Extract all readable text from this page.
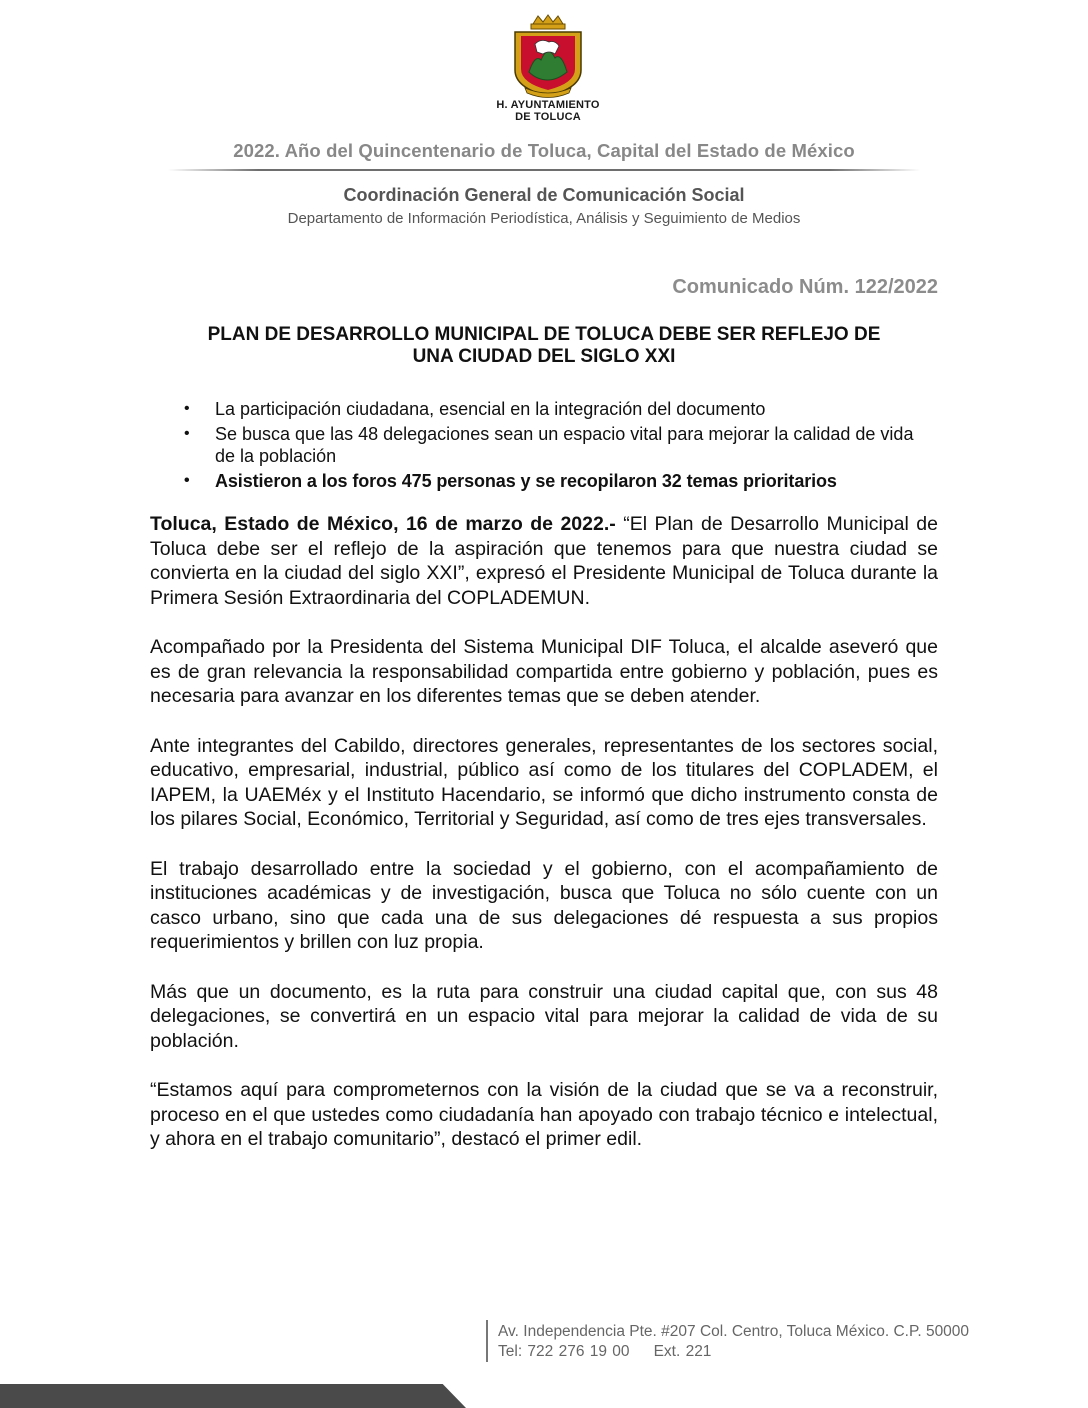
H. AYUNTAMIENTO
DE TOLUCA
2022. Año del Quincentenario de Toluca, Capital del Estado de México
Coordinación General de Comunicación Social
Departamento de Información Periodística, Análisis y Seguimiento de Medios
Comunicado Núm. 122/2022
PLAN DE DESARROLLO MUNICIPAL DE TOLUCA DEBE SER REFLEJO DE
UNA CIUDAD DEL SIGLO XXI
• La participación ciudadana, esencial en la integración del documento
• Se busca que las 48 delegaciones sean un espacio vital para mejorar la calidad de vida de la población
• Asistieron a los foros 475 personas y se recopilaron 32 temas prioritarios

Toluca, Estado de México, 16 de marzo de 2022.- “El Plan de Desarrollo Municipal de Toluca debe ser el reflejo de la aspiración que tenemos para que nuestra ciudad se convierta en la ciudad del siglo XXI”, expresó el Presidente Municipal de Toluca durante la Primera Sesión Extraordinaria del COPLADEMUN.

Acompañado por la Presidenta del Sistema Municipal DIF Toluca, el alcalde aseveró que es de gran relevancia la responsabilidad compartida entre gobierno y población, pues es necesaria para avanzar en los diferentes temas que se deben atender.

Ante integrantes del Cabildo, directores generales, representantes de los sectores social, educativo, empresarial, industrial, público así como de los titulares del COPLADEM, el IAPEM, la UAEMéx y el Instituto Hacendario, se informó que dicho instrumento consta de los pilares Social, Económico, Territorial y Seguridad, así como de tres ejes transversales.

El trabajo desarrollado entre la sociedad y el gobierno, con el acompañamiento de instituciones académicas y de investigación, busca que Toluca no sólo cuente con un casco urbano, sino que cada una de sus delegaciones dé respuesta a sus propios requerimientos y brillen con luz propia.

Más que un documento, es la ruta para construir una ciudad capital que, con sus 48 delegaciones, se convertirá en un espacio vital para mejorar la calidad de vida de su población.

“Estamos aquí para comprometernos con la visión de la ciudad que se va a reconstruir, proceso en el que ustedes como ciudadanía han apoyado con trabajo técnico e intelectual, y ahora en el trabajo comunitario”, destacó el primer edil.

Av. Independencia Pte. #207 Col. Centro, Toluca México. C.P. 50000
Tel: 722 276 19 00 Ext. 221
